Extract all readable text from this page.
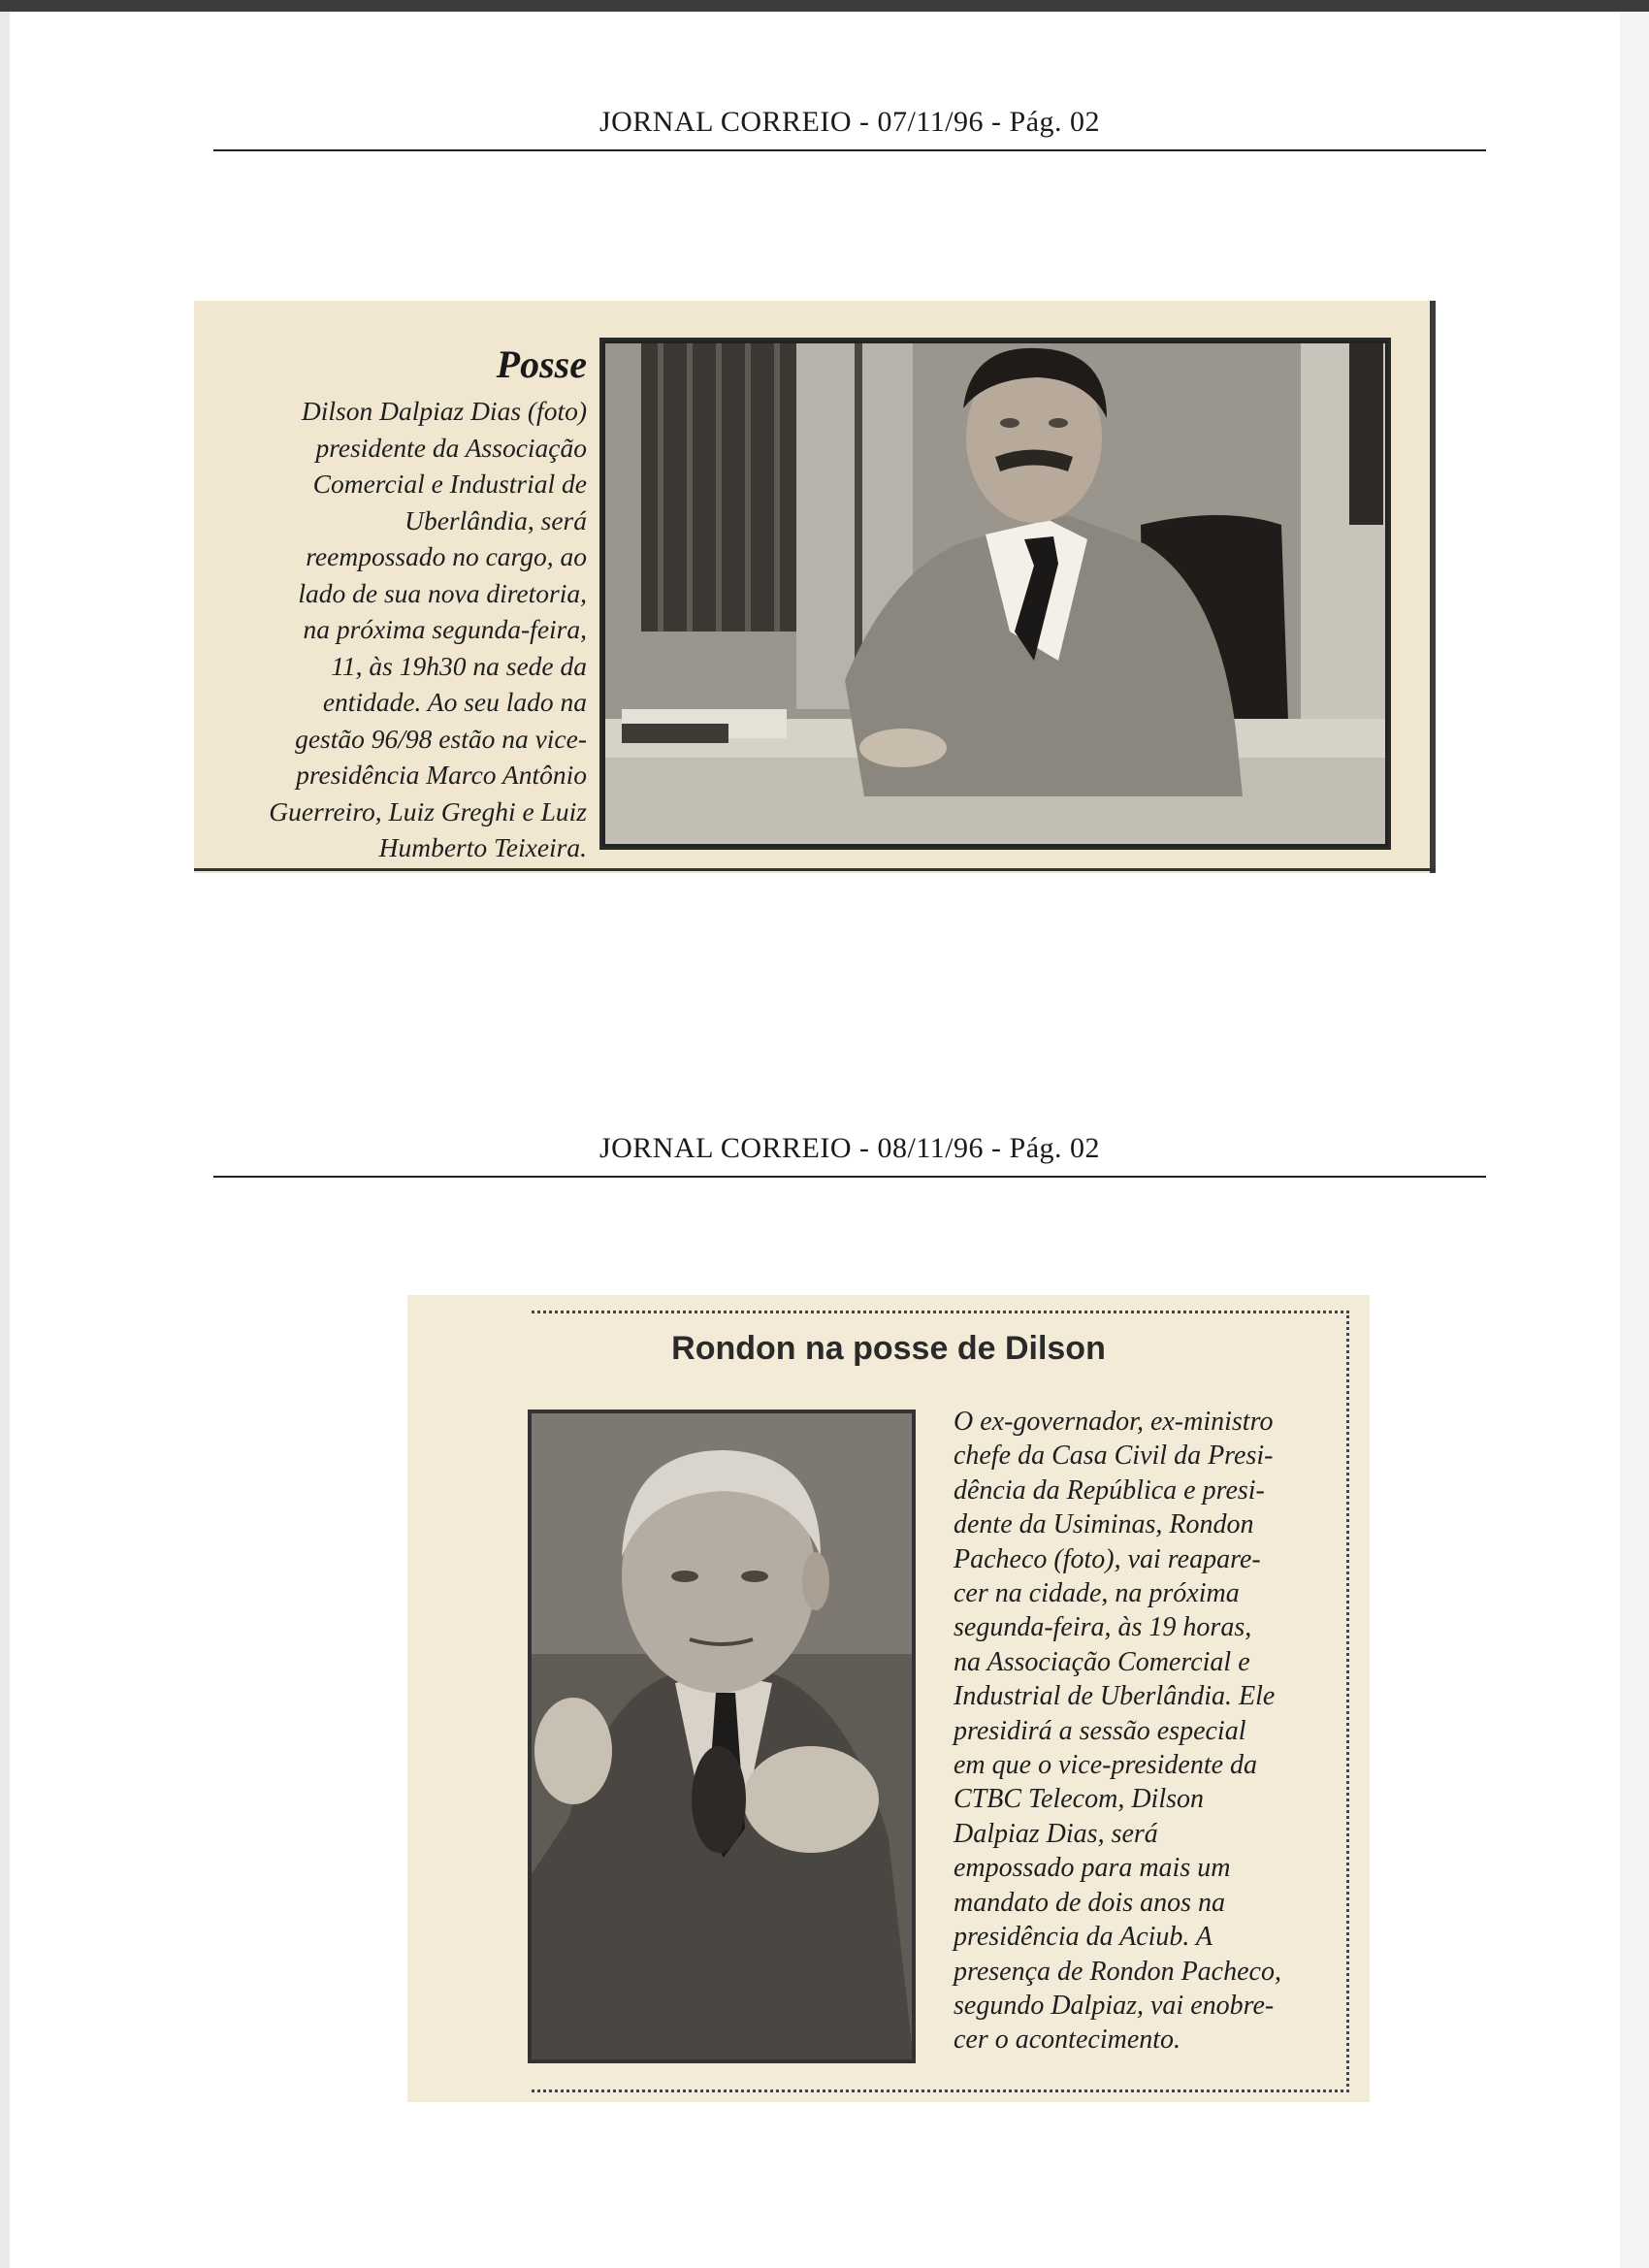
JORNAL CORREIO - 07/11/96 - Pág. 02
Posse
Dilson Dalpiaz Dias (foto)
presidente da Associação
Comercial e Industrial de
Uberlândia, será
reempossado no cargo, ao
lado de sua nova diretoria,
na próxima segunda-feira,
11, às 19h30 na sede da
entidade. Ao seu lado na
gestão 96/98 estão na vice-
presidência Marco Antônio
Guerreiro, Luiz Greghi e Luiz
Humberto Teixeira.
JORNAL CORREIO - 08/11/96 - Pág. 02
Rondon na posse de Dilson
O ex-governador, ex-ministro
chefe da Casa Civil da Presi-
dência da República e presi-
dente da Usiminas, Rondon
Pacheco (foto), vai reapare-
cer na cidade, na próxima
segunda-feira, às 19 horas,
na Associação Comercial e
Industrial de Uberlândia. Ele
presidirá a sessão especial
em que o vice-presidente da
CTBC Telecom, Dilson
Dalpiaz Dias, será
empossado para mais um
mandato de dois anos na
presidência da Aciub. A
presença de Rondon Pacheco,
segundo Dalpiaz, vai enobre-
cer o acontecimento.
